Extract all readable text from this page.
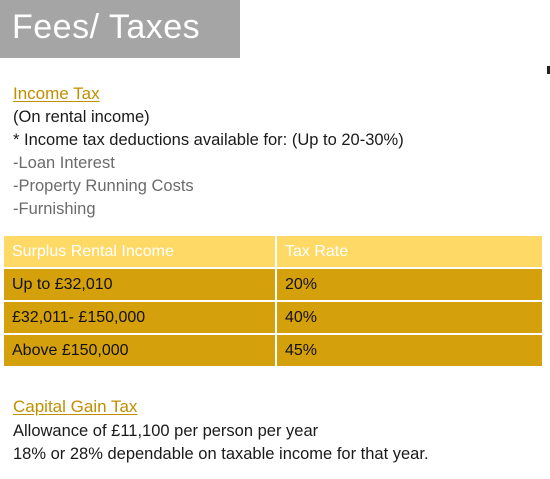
Fees/ Taxes
Income Tax
(On rental income)
* Income tax deductions available for: (Up to 20-30%)
-Loan Interest
-Property Running Costs
-Furnishing
Surplus Rental Income	Tax Rate
Up to £32,010	20%
£32,011- £150,000	40%
Above £150,000	45%
Capital Gain Tax
Allowance of £11,100 per person per year
18% or 28% dependable on taxable income for that year.
